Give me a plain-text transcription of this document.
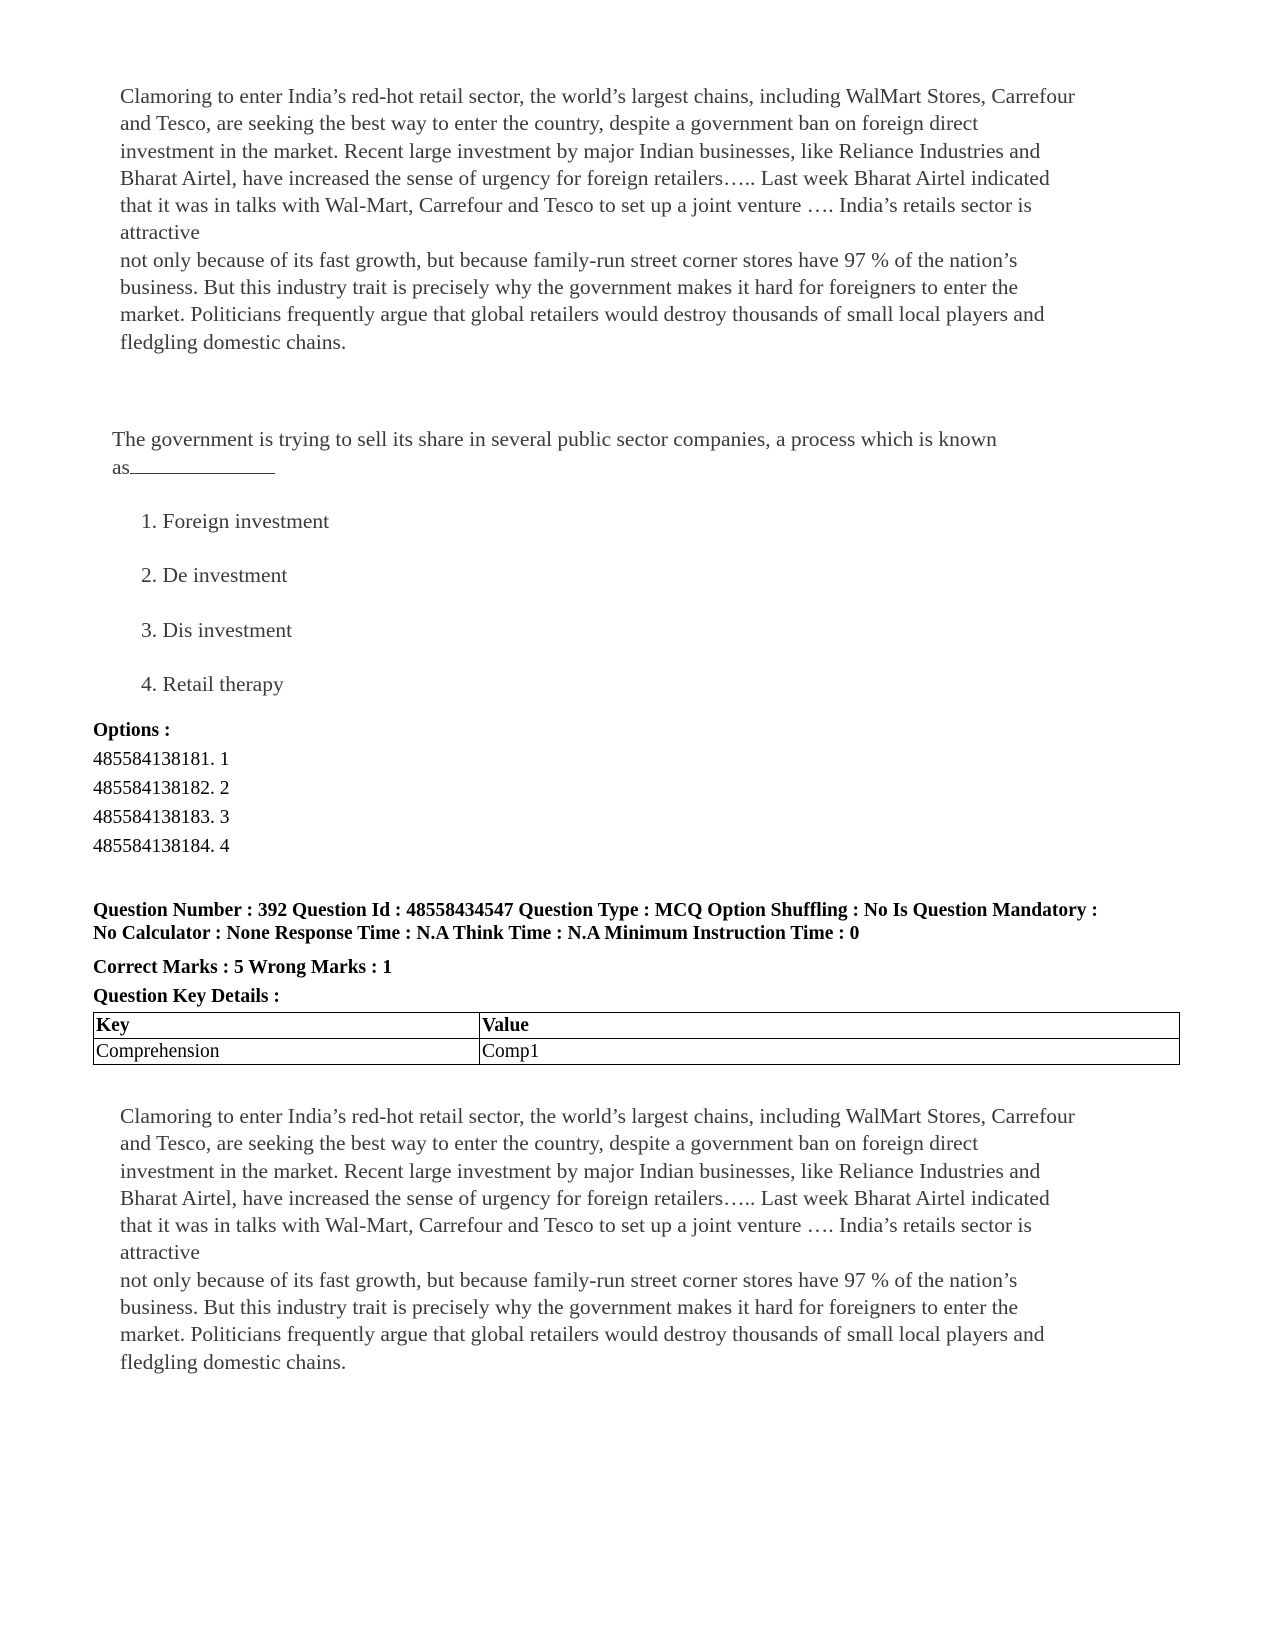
Clamoring to enter India’s red-hot retail sector, the world’s largest chains, including WalMart Stores, Carrefour

and Tesco, are seeking the best way to enter the country, despite a government ban on foreign direct

investment in the market. Recent large investment by major Indian businesses, like Reliance Industries and

Bharat Airtel, have increased the sense of urgency for foreign retailers….. Last week Bharat Airtel indicated

that it was in talks with Wal-Mart, Carrefour and Tesco to set up a joint venture …. India’s retails sector is

attractive

not only because of its fast growth, but because family-run street corner stores have 97 % of the nation’s

business. But this industry trait is precisely why the government makes it hard for foreigners to enter the

market. Politicians frequently argue that global retailers would destroy thousands of small local players and

fledgling domestic chains.

The government is trying to sell its share in several public sector companies, a process which is known
as
1. Foreign investment
2. De investment
3. Dis investment
4. Retail therapy
Options :
485584138181. 1
485584138182. 2
485584138183. 3
485584138184. 4
Question Number : 392 Question Id : 48558434547 Question Type : MCQ Option Shuffling : No Is Question Mandatory :
No Calculator : None Response Time : N.A Think Time : N.A Minimum Instruction Time : 0
Correct Marks : 5 Wrong Marks : 1
Question Key Details :
Key	Value
Comprehension	Comp1

Clamoring to enter India’s red-hot retail sector, the world’s largest chains, including WalMart Stores, Carrefour

and Tesco, are seeking the best way to enter the country, despite a government ban on foreign direct

investment in the market. Recent large investment by major Indian businesses, like Reliance Industries and

Bharat Airtel, have increased the sense of urgency for foreign retailers….. Last week Bharat Airtel indicated

that it was in talks with Wal-Mart, Carrefour and Tesco to set up a joint venture …. India’s retails sector is

attractive

not only because of its fast growth, but because family-run street corner stores have 97 % of the nation’s

business. But this industry trait is precisely why the government makes it hard for foreigners to enter the

market. Politicians frequently argue that global retailers would destroy thousands of small local players and

fledgling domestic chains.
